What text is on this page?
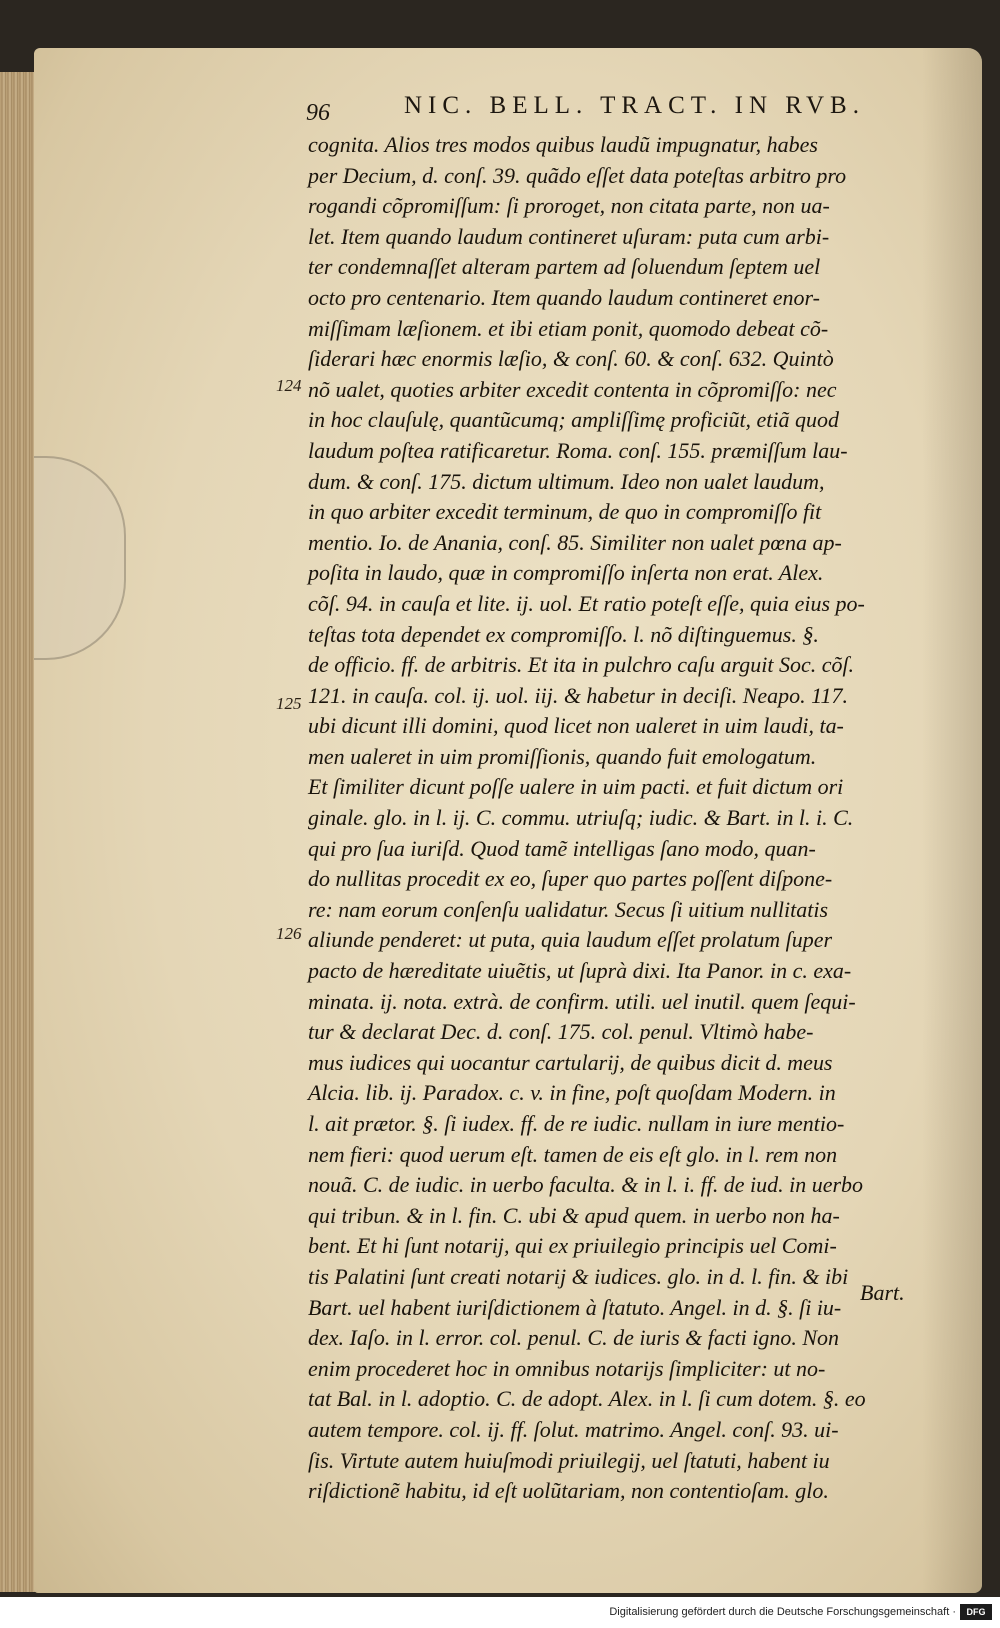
96	NIC. BELL. TRACT. IN RVB.
124
125
126
cognita. Alios tres modos quibus laudũ impugnatur, habes
per Decium, d. conſ. 39. quãdo eſſet data poteſtas arbitro pro
rogandi cõpromiſſum: ſi proroget, non citata parte, non ua-
let. Item quando laudum contineret uſuram: puta cum arbi-
ter condemnaſſet alteram partem ad ſoluendum ſeptem uel
octo pro centenario. Item quando laudum contineret enor-
miſſimam læſionem. et ibi etiam ponit, quomodo debeat cõ-
ſiderari hæc enormis læſio, & conſ. 60. & conſ. 632. Quintò
nõ ualet, quoties arbiter excedit contenta in cõpromiſſo: nec
in hoc clauſulę, quantũcumq; ampliſſimę proficiũt, etiã quod
laudum poſtea ratificaretur. Roma. conſ. 155. præmiſſum lau-
dum. & conſ. 175. dictum ultimum. Ideo non ualet laudum,
in quo arbiter excedit terminum, de quo in compromiſſo fit
mentio. Io. de Anania, conſ. 85. Similiter non ualet pœna ap-
poſita in laudo, quæ in compromiſſo inſerta non erat. Alex.
cõſ. 94. in cauſa et lite. ij. uol. Et ratio poteſt eſſe, quia eius po-
teſtas tota dependet ex compromiſſo. l. nõ diſtinguemus. §.
de officio. ff. de arbitris. Et ita in pulchro caſu arguit Soc. cõſ.
121. in cauſa. col. ij. uol. iij. & habetur in deciſi. Neapo. 117.
ubi dicunt illi domini, quod licet non ualeret in uim laudi, ta-
men ualeret in uim promiſſionis, quando fuit emologatum.
Et ſimiliter dicunt poſſe ualere in uim pacti. et fuit dictum ori
ginale. glo. in l. ij. C. commu. utriuſq; iudic. & Bart. in l. i. C.
qui pro ſua iuriſd. Quod tamẽ intelligas ſano modo, quan-
do nullitas procedit ex eo, ſuper quo partes poſſent diſpone-
re: nam eorum conſenſu ualidatur. Secus ſi uitium nullitatis
aliunde penderet: ut puta, quia laudum eſſet prolatum ſuper
pacto de hæreditate uiuẽtis, ut ſuprà dixi. Ita Panor. in c. exa-
minata. ij. nota. extrà. de confirm. utili. uel inutil. quem ſequi-
tur & declarat Dec. d. conſ. 175. col. penul. Vltimò habe-
mus iudices qui uocantur cartularij, de quibus dicit d. meus
Alcia. lib. ij. Paradox. c. v. in fine, poſt quoſdam Modern. in
l. ait prætor. §. ſi iudex. ff. de re iudic. nullam in iure mentio-
nem fieri: quod uerum eſt. tamen de eis eſt glo. in l. rem non
nouã. C. de iudic. in uerbo faculta. & in l. i. ff. de iud. in uerbo
qui tribun. & in l. fin. C. ubi & apud quem. in uerbo non ha-
bent. Et hi ſunt notarij, qui ex priuilegio principis uel Comi-
tis Palatini ſunt creati notarij & iudices. glo. in d. l. fin. & ibi
Bart. uel habent iuriſdictionem à ſtatuto. Angel. in d. §. ſi iu-
dex. Iaſo. in l. error. col. penul. C. de iuris & facti igno. Non
enim procederet hoc in omnibus notarijs ſimpliciter: ut no-
tat Bal. in l. adoptio. C. de adopt. Alex. in l. ſi cum dotem. §. eo
autem tempore. col. ij. ff. ſolut. matrimo. Angel. conſ. 93. ui-
ſis. Virtute autem huiuſmodi priuilegij, uel ſtatuti, habent iu
riſdictionẽ habitu, id eſt uolũtariam, non contentioſam. glo.
Bart.
Digitalisierung gefördert durch die Deutsche Forschungsgemeinschaft ·	DFG
